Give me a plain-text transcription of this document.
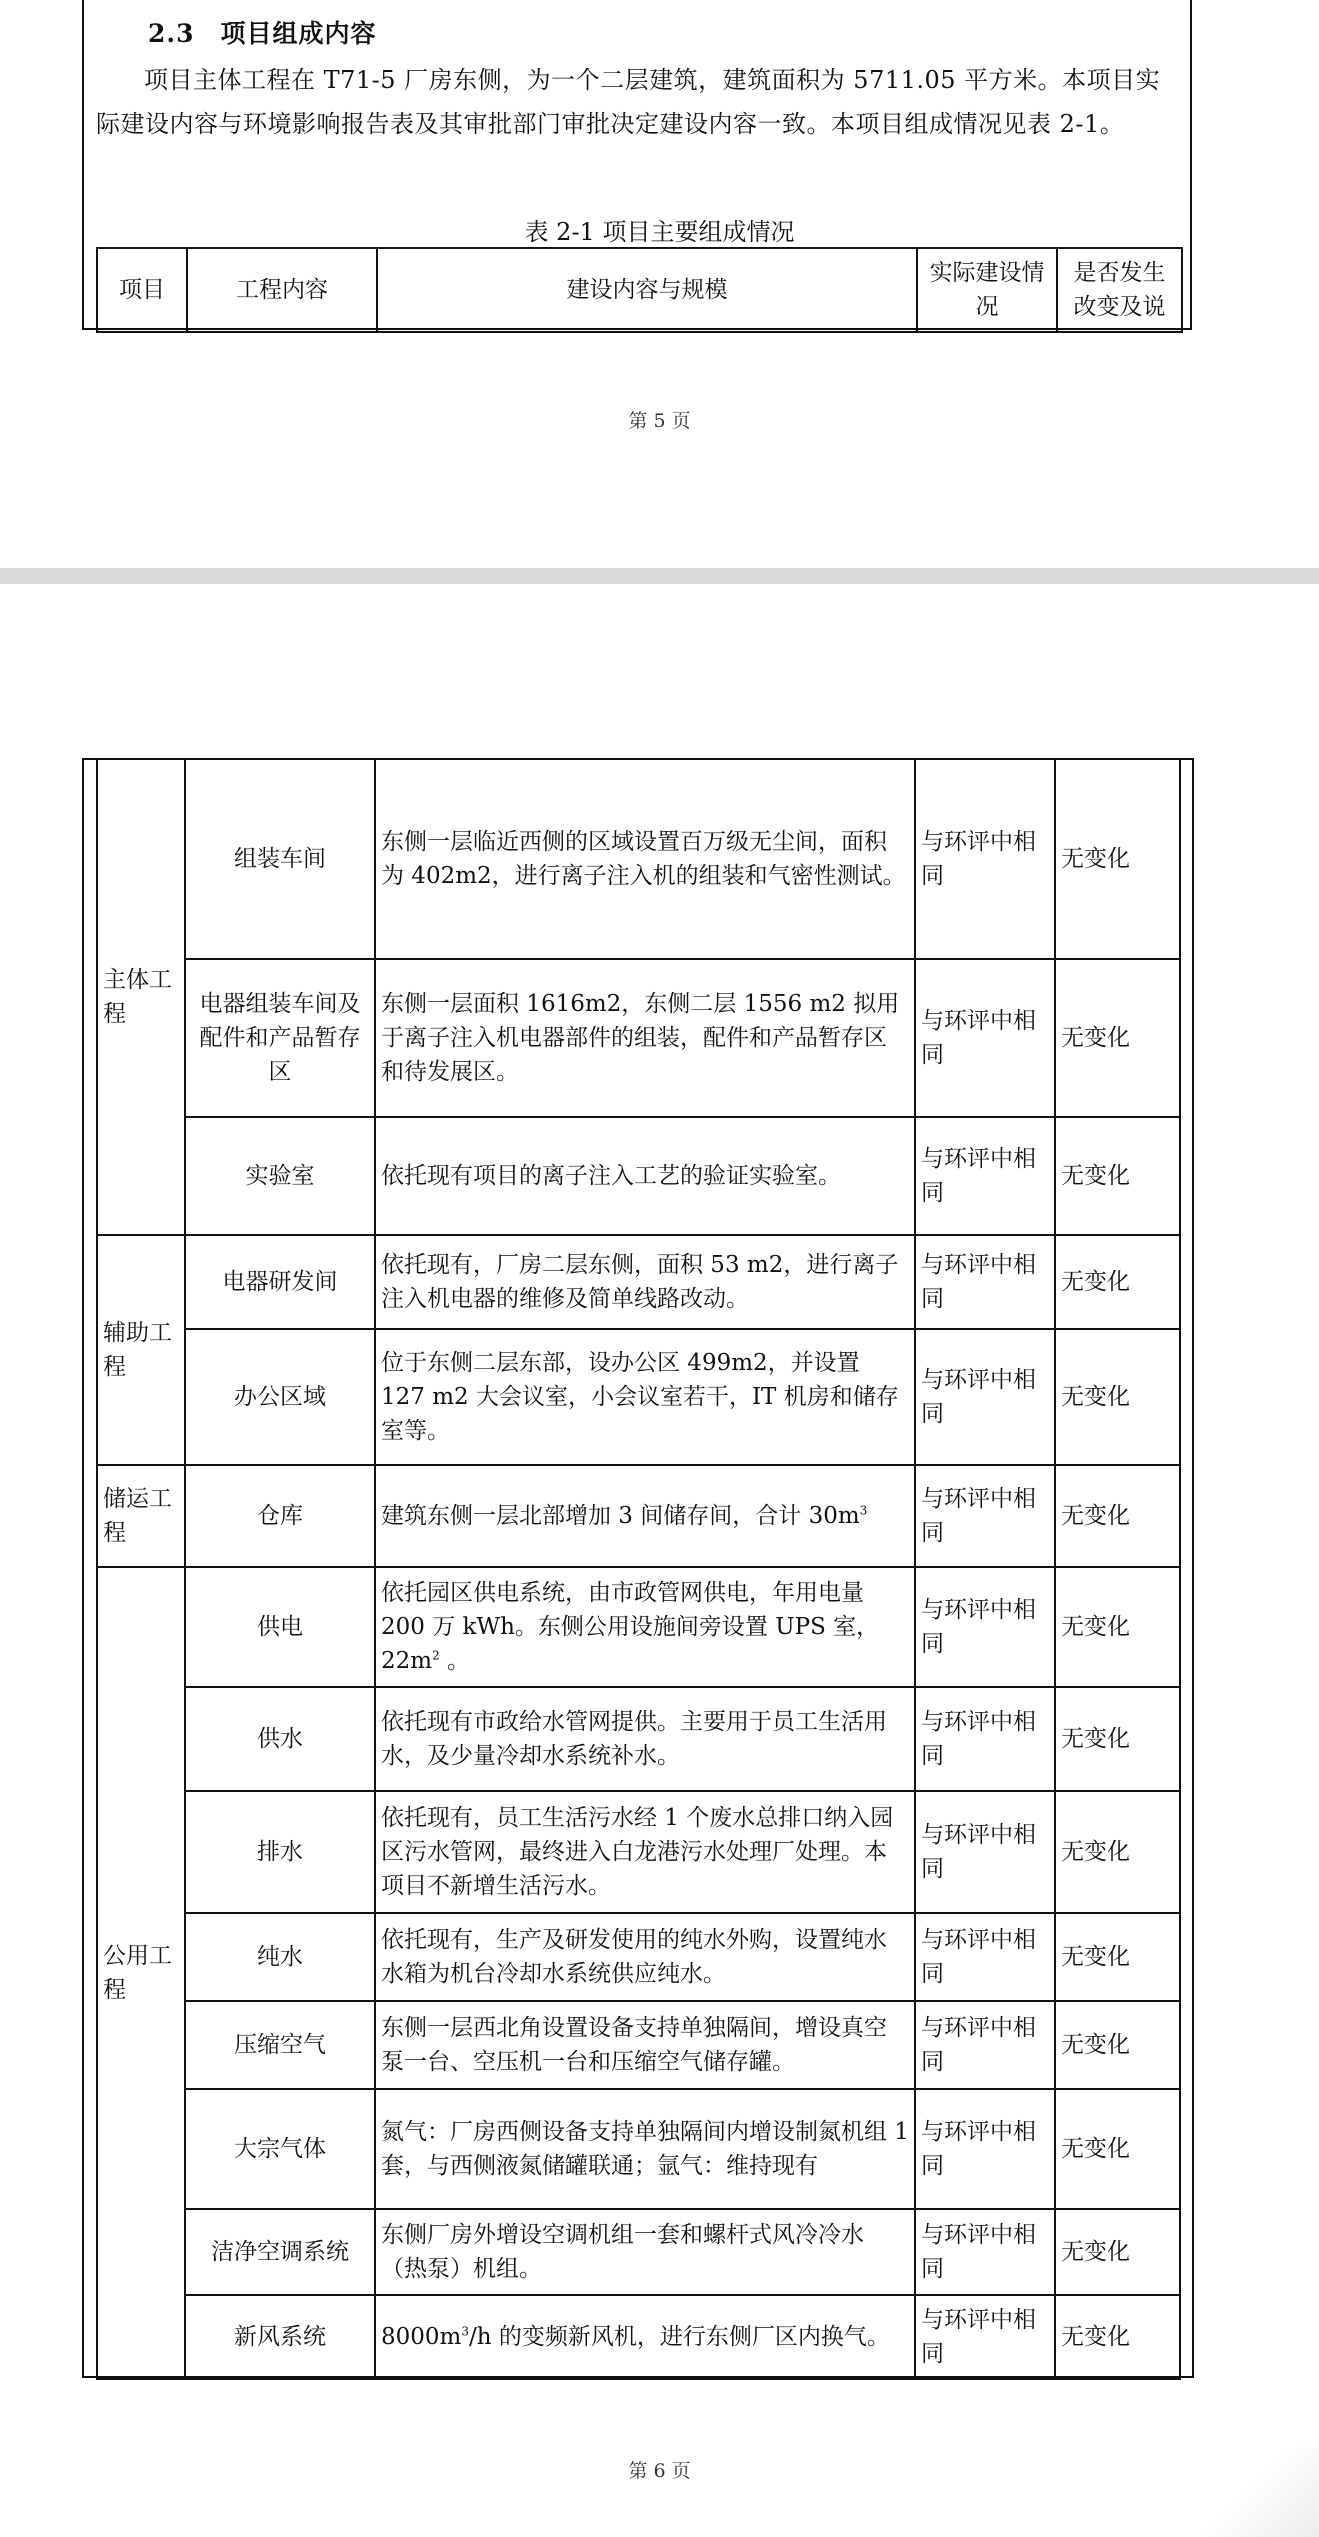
2.3　项目组成内容
项目主体工程在 T71-5 厂房东侧，为一个二层建筑，建筑面积为 5711.05 平方米。本项目实际建设内容与环境影响报告表及其审批部门审批决定建设内容一致。本项目组成情况见表 2-1。
表 2-1 项目主要组成情况
项目	工程内容	建设内容与规模	实际建设情况	是否发生改变及说
第 5 页
主体工程	组装车间	东侧一层临近西侧的区域设置百万级无尘间，面积为 402m2，进行离子注入机的组装和气密性测试。	与环评中相同	无变化
	电器组装车间及配件和产品暂存区	东侧一层面积 1616m2，东侧二层 1556 m2 拟用于离子注入机电器部件的组装，配件和产品暂存区和待发展区。	与环评中相同	无变化
	实验室	依托现有项目的离子注入工艺的验证实验室。	与环评中相同	无变化
辅助工程	电器研发间	依托现有，厂房二层东侧，面积 53 m2，进行离子注入机电器的维修及简单线路改动。	与环评中相同	无变化
	办公区域	位于东侧二层东部，设办公区 499m2，并设置 127 m2 大会议室，小会议室若干，IT 机房和储存室等。	与环评中相同	无变化
储运工程	仓库	建筑东侧一层北部增加 3 间储存间，合计 $30m^3$	与环评中相同	无变化
公用工程	供电	依托园区供电系统，由市政管网供电，年用电量 200 万 kWh。东侧公用设施间旁设置 UPS 室，$22m^2$ 。	与环评中相同	无变化
	供水	依托现有市政给水管网提供。主要用于员工生活用水，及少量冷却水系统补水。	与环评中相同	无变化
	排水	依托现有，员工生活污水经 1 个废水总排口纳入园区污水管网，最终进入白龙港污水处理厂处理。本项目不新增生活污水。	与环评中相同	无变化
	纯水	依托现有，生产及研发使用的纯水外购，设置纯水水箱为机台冷却水系统供应纯水。	与环评中相同	无变化
	压缩空气	东侧一层西北角设置设备支持单独隔间，增设真空泵一台、空压机一台和压缩空气储存罐。	与环评中相同	无变化
	大宗气体	氮气：厂房西侧设备支持单独隔间内增设制氮机组 1 套，与西侧液氮储罐联通；氩气：维持现有	与环评中相同	无变化
	洁净空调系统	东侧厂房外增设空调机组一套和螺杆式风冷冷水（热泵）机组。	与环评中相同	无变化
	新风系统	$8000m^3/h$ 的变频新风机，进行东侧厂区内换气。	与环评中相同	无变化
第 6 页
